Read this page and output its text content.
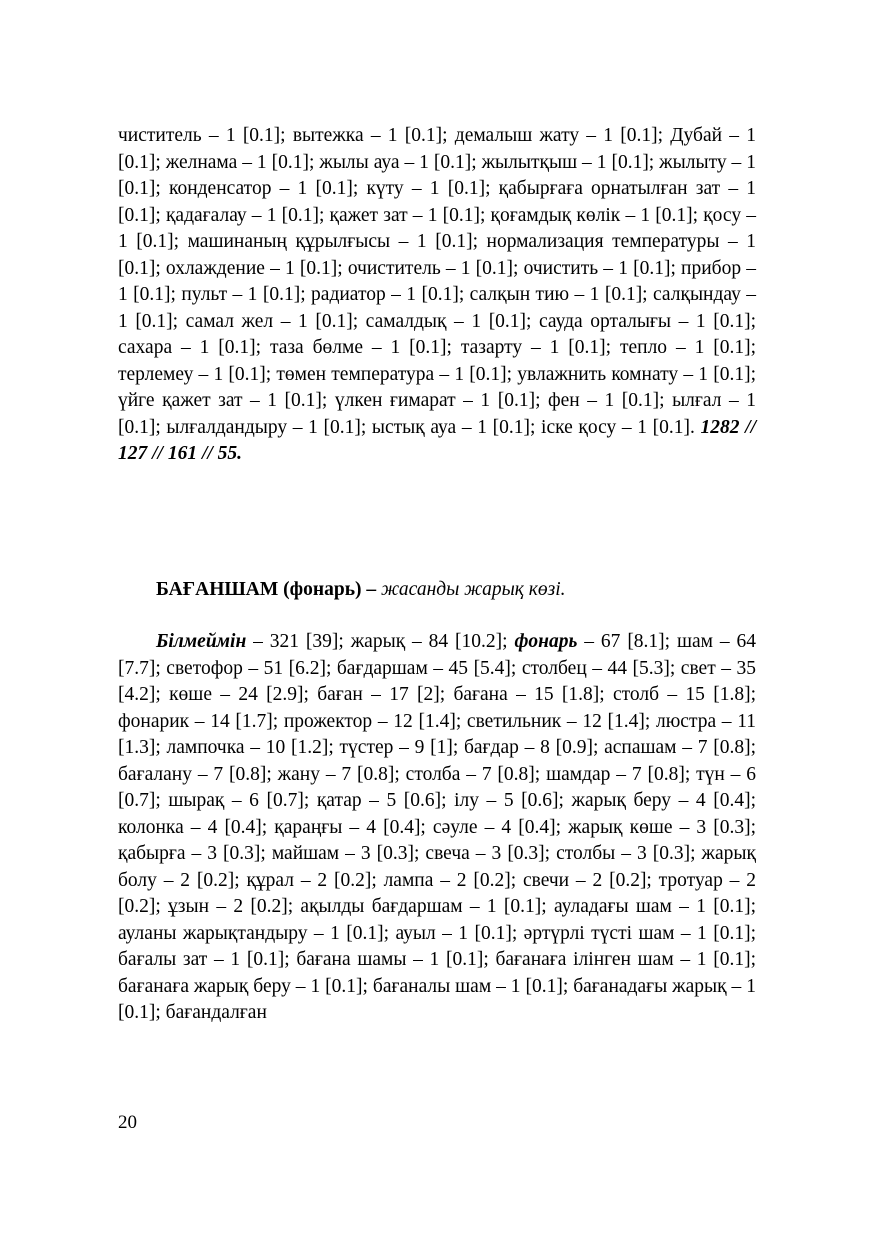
чиститель – 1 [0.1]; вытежка – 1 [0.1]; демалыш жату – 1 [0.1]; Дубай – 1 [0.1]; желнама – 1 [0.1]; жылы ауа – 1 [0.1]; жылытқыш – 1 [0.1]; жылыту – 1 [0.1]; конденсатор – 1 [0.1]; күту – 1 [0.1]; қабырғаға орнатылған зат – 1 [0.1]; қадағалау – 1 [0.1]; қажет зат – 1 [0.1]; қоғамдық көлік – 1 [0.1]; қосу – 1 [0.1]; машинаның құрылғысы – 1 [0.1]; нормализация температуры – 1 [0.1]; охлаждение – 1 [0.1]; очиститель – 1 [0.1]; очистить – 1 [0.1]; прибор – 1 [0.1]; пульт – 1 [0.1]; радиатор – 1 [0.1]; салқын тию – 1 [0.1]; салқындау – 1 [0.1]; самал жел – 1 [0.1]; самалдық – 1 [0.1]; сауда орталығы – 1 [0.1]; сахара – 1 [0.1]; таза бөлме – 1 [0.1]; тазарту – 1 [0.1]; тепло – 1 [0.1]; терлемеу – 1 [0.1]; төмен температура – 1 [0.1]; увлажнить комнату – 1 [0.1]; үйге қажет зат – 1 [0.1]; үлкен ғимарат – 1 [0.1]; фен – 1 [0.1]; ылғал – 1 [0.1]; ылғалдандыру – 1 [0.1]; ыстық ауа – 1 [0.1]; іске қосу – 1 [0.1]. 1282 // 127 // 161 // 55.

БАҒАНШАМ (фонарь) – жасанды жарық көзі.

Білмеймін – 321 [39]; жарық – 84 [10.2]; фонарь – 67 [8.1]; шам – 64 [7.7]; светофор – 51 [6.2]; бағдаршам – 45 [5.4]; столбец – 44 [5.3]; свет – 35 [4.2]; көше – 24 [2.9]; баған – 17 [2]; бағана – 15 [1.8]; столб – 15 [1.8]; фонарик – 14 [1.7]; прожектор – 12 [1.4]; светильник – 12 [1.4]; люстра – 11 [1.3]; лампочка – 10 [1.2]; түстер – 9 [1]; бағдар – 8 [0.9]; аспашам – 7 [0.8]; бағалану – 7 [0.8]; жану – 7 [0.8]; столба – 7 [0.8]; шамдар – 7 [0.8]; түн – 6 [0.7]; шырақ – 6 [0.7]; қатар – 5 [0.6]; ілу – 5 [0.6]; жарық беру – 4 [0.4]; колонка – 4 [0.4]; қараңғы – 4 [0.4]; сәуле – 4 [0.4]; жарық көше – 3 [0.3]; қабырға – 3 [0.3]; майшам – 3 [0.3]; свеча – 3 [0.3]; столбы – 3 [0.3]; жарық болу – 2 [0.2]; құрал – 2 [0.2]; лампа – 2 [0.2]; свечи – 2 [0.2]; тротуар – 2 [0.2]; ұзын – 2 [0.2]; ақылды бағдаршам – 1 [0.1]; ауладағы шам – 1 [0.1]; ауланы жарықтандыру – 1 [0.1]; ауыл – 1 [0.1]; әртүрлі түсті шам – 1 [0.1]; бағалы зат – 1 [0.1]; бағана шамы – 1 [0.1]; бағанаға ілінген шам – 1 [0.1]; бағанаға жарық беру – 1 [0.1]; бағаналы шам – 1 [0.1]; бағанадағы жарық – 1 [0.1]; бағандалған

20
